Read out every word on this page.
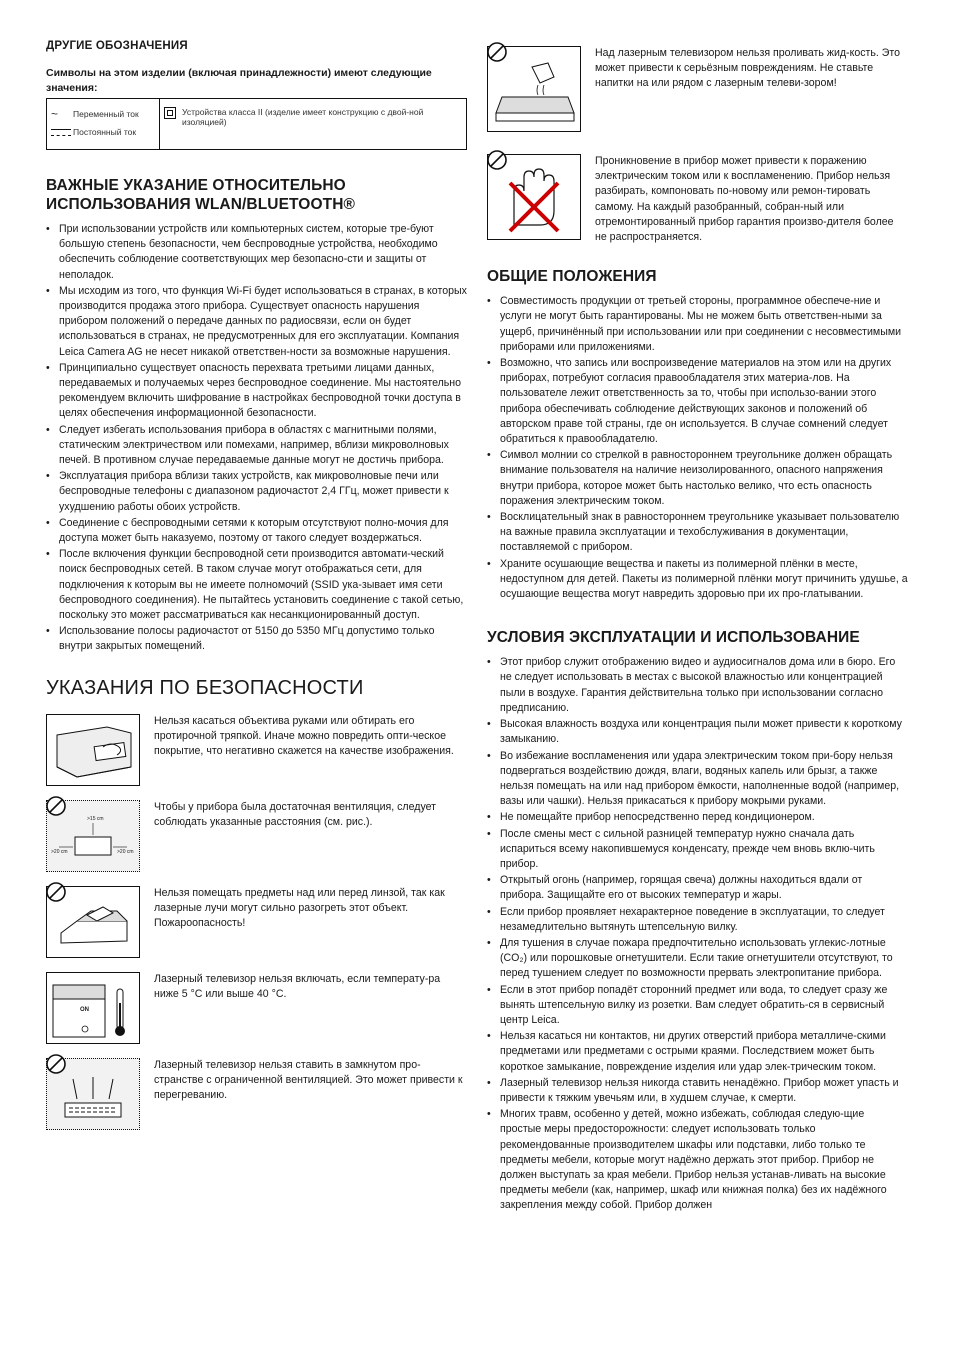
ДРУГИЕ ОБОЗНАЧЕНИЯ
Символы на этом изделии (включая принадлежности) имеют следующие значения:
~	Переменный ток
Постоянный ток

Устройства класса II (изделие имеет конструкцию с двой-ной изоляцией)
ВАЖНЫЕ УКАЗАНИЕ ОТНОСИТЕЛЬНО ИСПОЛЬЗОВАНИЯ WLAN/BLUETOOTH®
• При использовании устройств или компьютерных систем, которые тре-буют большую степень безопасности, чем беспроводные устройства, необходимо обеспечить соблюдение соответствующих мер безопасно-сти и защиты от неполадок.
• Мы исходим из того, что функция Wi-Fi будет использоваться в странах, в которых производится продажа этого прибора. Существует опасность нарушения прибором положений о передаче данных по радиосвязи, если он будет использоваться в странах, не предусмотренных для его эксплуатации. Компания Leica Camera AG не несет никакой ответствен-ности за возможные нарушения.
• Принципиально существует опасность перехвата третьими лицами данных, передаваемых и получаемых через беспроводное соединение. Мы настоятельно рекомендуем включить шифрование в настройках беспроводной точки доступа в целях обеспечения информационной безопасности.
• Следует избегать использования прибора в областях с магнитными полями, статическим электричеством или помехами, например, вблизи микроволновых печей. В противном случае передаваемые данные могут не достичь прибора.
• Эксплуатация прибора вблизи таких устройств, как микроволновые печи или беспроводные телефоны с диапазоном радиочастот 2,4 ГГц, может привести к ухудшению работы обоих устройств.
• Соединение с беспроводными сетями к которым отсутствуют полно-мочия для доступа может быть наказуемо, поэтому от такого следует воздержаться.
• После включения функции беспроводной сети производится автомати-ческий поиск беспроводных сетей. В таком случае могут отображаться сети, для подключения к которым вы не имеете полномочий (SSID ука-зывает имя сети беспроводного соединения). Не пытайтесь установить соединение с такой сетью, поскольку это может рассматриваться как несанкционированный доступ.
• Использование полосы радиочастот от 5150 до 5350 МГц допустимо только внутри закрытых помещений.
УКАЗАНИЯ ПО БЕЗОПАСНОСТИ
Нельзя касаться объектива руками или обтирать его протирочной тряпкой. Иначе можно повредить опти-ческое покрытие, что негативно скажется на качестве изображения.
>15 cm
>20 cm	>20 cm
Чтобы у прибора была достаточная вентиляция, следует соблюдать указанные расстояния (см. рис.).
Нельзя помещать предметы над или перед линзой, так как лазерные лучи могут сильно разогреть этот объект. Пожароопасность!
ON
Лазерный телевизор нельзя включать, если температу-ра ниже 5 °C или выше 40 °C.
Лазерный телевизор нельзя ставить в замкнутом про-странстве с ограниченной вентиляцией. Это может привести к перегреванию.
Над лазерным телевизором нельзя проливать жид-кость. Это может привести к серьёзным повреждениям. Не ставьте напитки на или рядом с лазерным телеви-зором!
Проникновение в прибор может привести к поражению электрическим током или к воспламенению. Прибор нельзя разбирать, компоновать по-новому или ремон-тировать самому. На каждый разобранный, собран-ный или отремонтированный прибор гарантия произво-дителя более не распространяется.
ОБЩИЕ ПОЛОЖЕНИЯ
• Совместимость продукции от третьей стороны, программное обеспече-ние и услуги не могут быть гарантированы. Мы не можем быть ответствен-ными за ущерб, причинённый при использовании или при соединении с несовместимыми приборами или приложениями.
• Возможно, что запись или воспроизведение материалов на этом или на других приборах, потребуют согласия правообладателя этих материа-лов. На пользователе лежит ответственность за то, чтобы при использо-вании этого прибора обеспечивать соблюдение действующих законов и положений об авторском праве той страны, где он используется. В случае сомнений следует обратиться к правообладателю.
• Символ молнии со стрелкой в равностороннем треугольнике должен обращать внимание пользователя на наличие неизолированного, опасного напряжения внутри прибора, которое может быть настолько велико, что есть опасность поражения электрическим током.
• Восклицательный знак в равностороннем треугольнике указывает пользователю на важные правила эксплуатации и техобслуживания в документации, поставляемой с прибором.
• Храните осушающие вещества и пакеты из полимерной плёнки в месте, недоступном для детей. Пакеты из полимерной плёнки могут причинить удушье, а осушающие вещества могут навредить здоровью при их про-глатывании.
УСЛОВИЯ ЭКСПЛУАТАЦИИ И ИСПОЛЬЗОВАНИЕ
• Этот прибор служит отображению видео и аудиосигналов дома или в бюро. Его не следует использовать в местах с высокой влажностью или концентрацией пыли в воздухе. Гарантия действительна только при использовании согласно предписанию.
• Высокая влажность воздуха или концентрация пыли может привести к короткому замыканию.
• Во избежание воспламенения или удара электрическим током при-бору нельзя подвергаться воздействию дождя, влаги, водяных капель или брызг, а также нельзя помещать на или над прибором ёмкости, наполненные водой (например, вазы или чашки). Нельзя прикасаться к прибору мокрыми руками.
• Не помещайте прибор непосредственно перед кондиционером.
• После смены мест с сильной разницей температур нужно сначала дать испариться всему накопившемуся конденсату, прежде чем вновь вклю-чить прибор.
• Открытый огонь (например, горящая свеча) должны находиться вдали от прибора. Защищайте его от высоких температур и жары.
• Если прибор проявляет нехарактерное поведение в эксплуатации, то следует незамедлительно вытянуть штепсельную вилку.
• Для тушения в случае пожара предпочтительно использовать углекис-лотные (CO₂) или порошковые огнетушители. Если такие огнетушители отсутствуют, то перед тушением следует по возможности прервать электропитание прибора.
• Если в этот прибор попадёт сторонний предмет или вода, то следует сразу же вынять штепсельную вилку из розетки. Вам следует обратить-ся в сервисный центр Leica.
• Нельзя касаться ни контактов, ни других отверстий прибора металличе-скими предметами или предметами с острыми краями. Последствием может быть короткое замыкание, повреждение изделия или удар элек-трическим током.
• Лазерный телевизор нельзя никогда ставить ненадёжно. Прибор может упасть и привести к тяжким увечьям или, в худшем случае, к смерти.
• Многих травм, особенно у детей, можно избежать, соблюдая следую-щие простые меры предосторожности: следует использовать только рекомендованные производителем шкафы или подставки, либо только те предметы мебели, которые могут надёжно держать этот прибор. Прибор не должен выступать за края мебели. Прибор нельзя устанав-ливать на высокие предметы мебели (как, например, шкаф или книжная полка) без их надёжного закрепления между собой. Прибор должен
